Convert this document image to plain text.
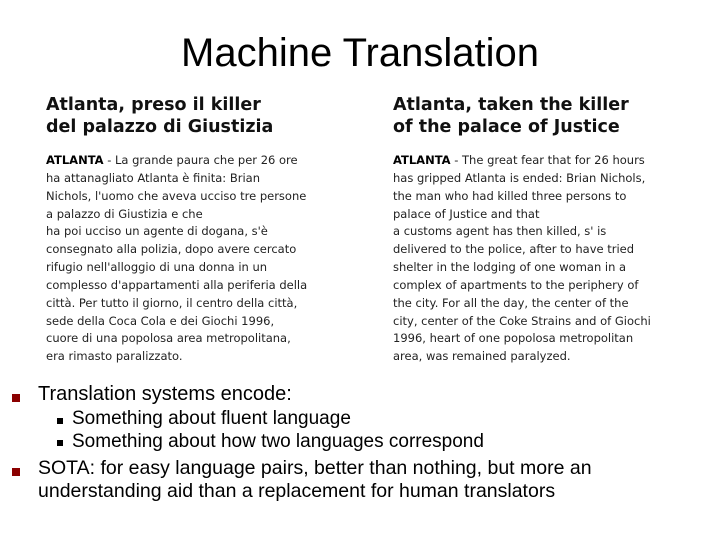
Machine Translation
Atlanta, preso il killer
del palazzo di Giustizia
ATLANTA - La grande paura che per 26 ore
ha attanagliato Atlanta è finita: Brian
Nichols, l'uomo che aveva ucciso tre persone
a palazzo di Giustizia e che
ha poi ucciso un agente di dogana, s'è
consegnato alla polizia, dopo avere cercato
rifugio nell'alloggio di una donna in un
complesso d'appartamenti alla periferia della
città. Per tutto il giorno, il centro della città,
sede della Coca Cola e dei Giochi 1996,
cuore di una popolosa area metropolitana,
era rimasto paralizzato.
Atlanta, taken the killer
of the palace of Justice
ATLANTA - The great fear that for 26 hours
has gripped Atlanta is ended: Brian Nichols,
the man who had killed three persons to
palace of Justice and that
a customs agent has then killed, s' is
delivered to the police, after to have tried
shelter in the lodging of one woman in a
complex of apartments to the periphery of
the city. For all the day, the center of the
city, center of the Coke Strains and of Giochi
1996, heart of one popolosa metropolitan
area, was remained paralyzed.
Translation systems encode:
Something about fluent language
Something about how two languages correspond
SOTA: for easy language pairs, better than nothing, but more an
understanding aid than a replacement for human translators
